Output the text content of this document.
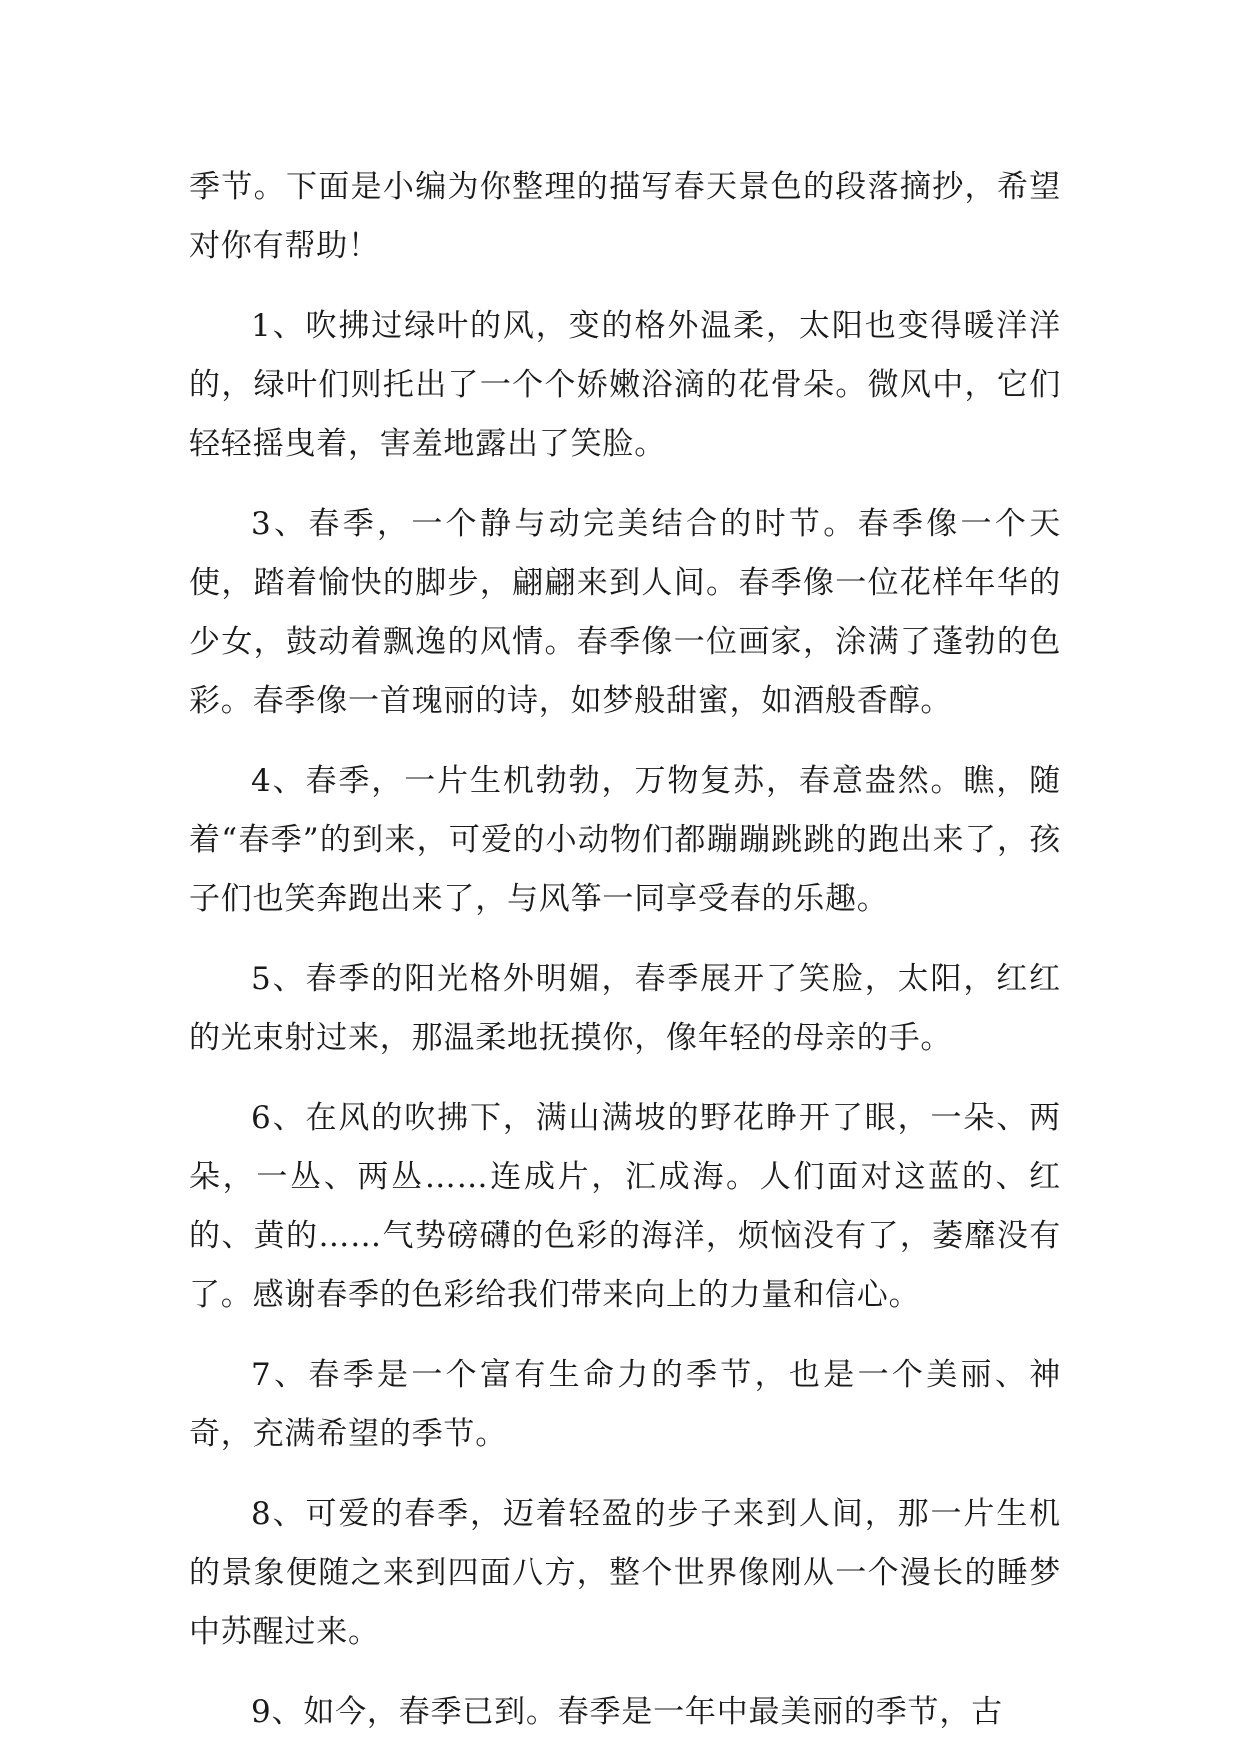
季节。下面是小编为你整理的描写春天景色的段落摘抄，希望对你有帮助！

1、吹拂过绿叶的风，变的格外温柔，太阳也变得暖洋洋的，绿叶们则托出了一个个娇嫩浴滴的花骨朵。微风中，它们轻轻摇曳着，害羞地露出了笑脸。

3、春季，一个静与动完美结合的时节。春季像一个天使，踏着愉快的脚步，翩翩来到人间。春季像一位花样年华的少女，鼓动着飘逸的风情。春季像一位画家，涂满了蓬勃的色彩。春季像一首瑰丽的诗，如梦般甜蜜，如酒般香醇。

4、春季，一片生机勃勃，万物复苏，春意盎然。瞧，随着“春季”的到来，可爱的小动物们都蹦蹦跳跳的跑出来了，孩子们也笑奔跑出来了，与风筝一同享受春的乐趣。

5、春季的阳光格外明媚，春季展开了笑脸，太阳，红红的光束射过来，那温柔地抚摸你，像年轻的母亲的手。

6、在风的吹拂下，满山满坡的野花睁开了眼，一朵、两朵，一丛、两丛……连成片，汇成海。人们面对这蓝的、红的、黄的……气势磅礴的色彩的海洋，烦恼没有了，萎靡没有了。感谢春季的色彩给我们带来向上的力量和信心。

7、春季是一个富有生命力的季节，也是一个美丽、神奇，充满希望的季节。

8、可爱的春季，迈着轻盈的步子来到人间，那一片生机的景象便随之来到四面八方，整个世界像刚从一个漫长的睡梦中苏醒过来。

9、如今，春季已到。春季是一年中最美丽的季节，古
